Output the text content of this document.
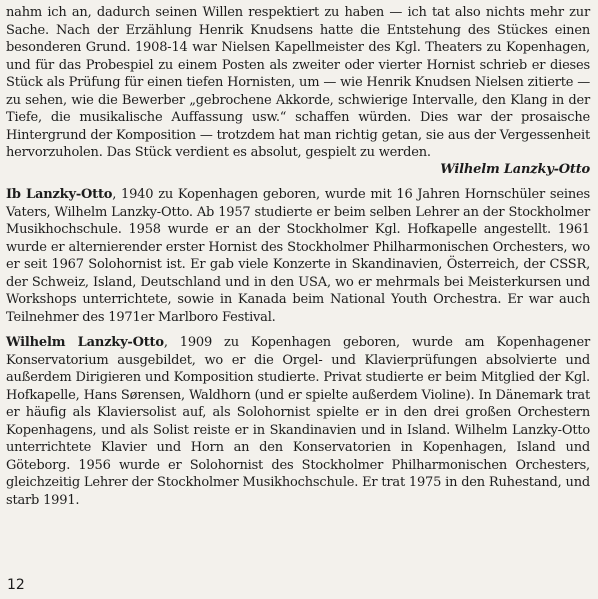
nahm ich an, dadurch seinen Willen respektiert zu haben — ich tat also nichts mehr zur Sache. Nach der Erzählung Henrik Knudsens hatte die Entstehung des Stückes einen besonderen Grund. 1908-14 war Nielsen Kapellmeister des Kgl. Theaters zu Kopenhagen, und für das Probespiel zu einem Posten als zweiter oder vierter Hornist schrieb er dieses Stück als Prüfung für einen tiefen Hornisten, um — wie Henrik Knudsen Nielsen zitierte — zu sehen, wie die Bewerber „gebrochene Akkorde, schwierige Intervalle, den Klang in der Tiefe, die musikalische Auffassung usw.“ schaffen würden. Dies war der prosaische Hintergrund der Komposition — trotzdem hat man richtig getan, sie aus der Vergessenheit hervorzuholen. Das Stück verdient es absolut, gespielt zu werden.

Wilhelm Lanzky-Otto

Ib Lanzky-Otto, 1940 zu Kopenhagen geboren, wurde mit 16 Jahren Hornschüler seines Vaters, Wilhelm Lanzky-Otto. Ab 1957 studierte er beim selben Lehrer an der Stockholmer Musikhochschule. 1958 wurde er an der Stockholmer Kgl. Hofkapelle angestellt. 1961 wurde er alternierender erster Hornist des Stockholmer Philharmonischen Orchesters, wo er seit 1967 Solohornist ist. Er gab viele Konzerte in Skandinavien, Österreich, der CSSR, der Schweiz, Island, Deutschland und in den USA, wo er mehrmals bei Meisterkursen und Workshops unterrichtete, sowie in Kanada beim National Youth Orchestra. Er war auch Teilnehmer des 1971er Marlboro Festival.

Wilhelm Lanzky-Otto, 1909 zu Kopenhagen geboren, wurde am Kopenhagener Konservatorium ausgebildet, wo er die Orgel- und Klavierprüfungen absolvierte und außerdem Dirigieren und Komposition studierte. Privat studierte er beim Mitglied der Kgl. Hofkapelle, Hans Sørensen, Waldhorn (und er spielte außerdem Violine). In Dänemark trat er häufig als Klaviersolist auf, als Solohornist spielte er in den drei großen Orchestern Kopenhagens, und als Solist reiste er in Skandinavien und in Island. Wilhelm Lanzky-Otto unterrichtete Klavier und Horn an den Konservatorien in Kopenhagen, Island und Göteborg. 1956 wurde er Solohornist des Stockholmer Philharmonischen Orchesters, gleichzeitig Lehrer der Stockholmer Musikhochschule. Er trat 1975 in den Ruhestand, und starb 1991.

12
